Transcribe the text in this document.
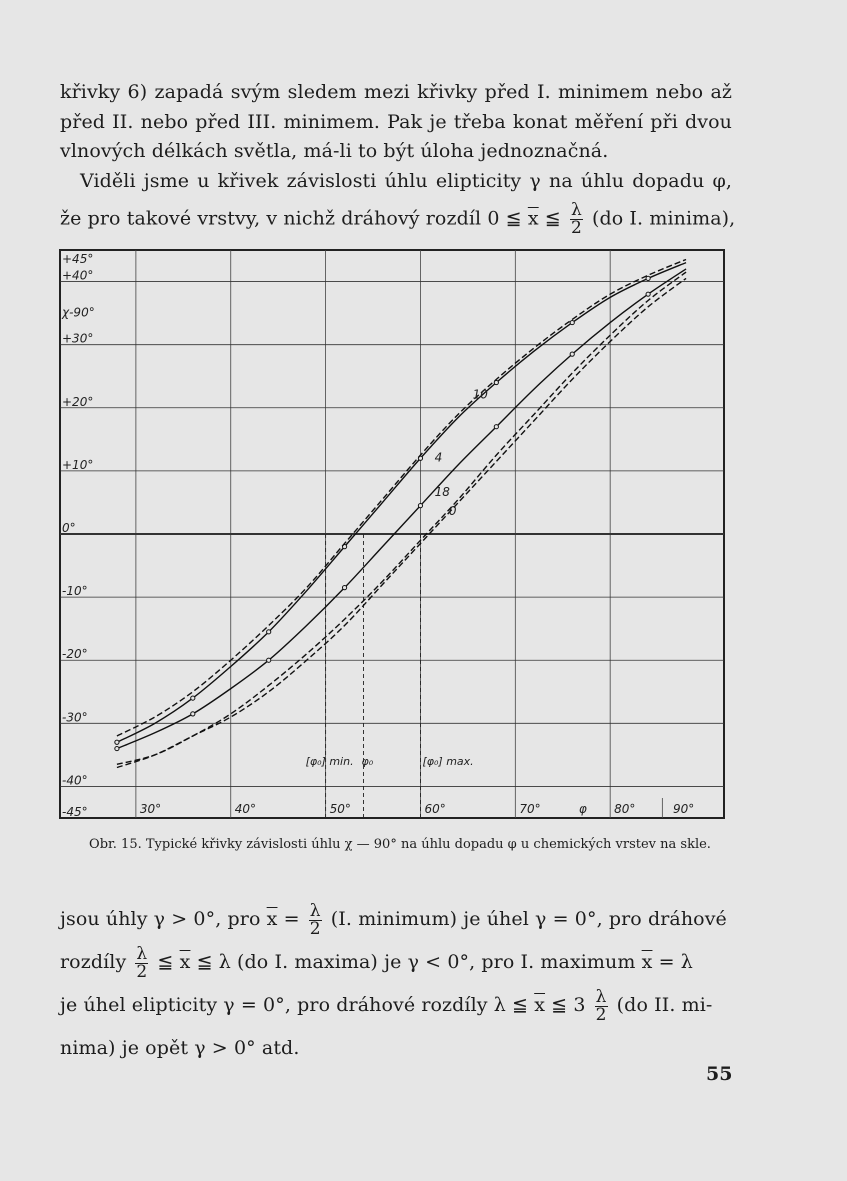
křivky 6) zapadá svým sledem mezi křivky před I. minimem nebo až
před II. nebo před III. minimem. Pak je třeba konat měření při dvou
vlnových délkách světla, má-li to být úloha jednoznačná.
Viděli jsme u křivek závislosti úhlu elipticity γ na úhlu dopadu φ,
že pro takové vrstvy, v nichž dráhový rozdíl 0 ≦ $\overline{x}$ ≦ $\frac{\lambda}{2} (do$ I. minima),
30°	40°	50°	60°	70°	80°	90°
+45°
+40°
+30°
+20°
+10°
0°
-10°
-20°
-30°
-40°
-45°
χ-90°
φ
[φ₀] min. φ₀	[φ₀] max.
10
4
18
0
Obr. 15. Typické křivky závislosti úhlu χ — 90° na úhlu dopadu φ u chemických vrstev na skle.
jsou úhly γ > 0°, pro $\overline{x} = \frac{\lambda}{2} (I$. minimum) je úhel γ = 0°, pro dráhové
rozdíly $\frac{\lambda}{2}$ ≦ $\overline{x}$ ≦ λ (do I. maxima) je γ < 0°, pro I. maximum $\overline{x} = \lambda$
je úhel elipticity γ = 0°, pro dráhové rozdíly λ ≦ $\overline{x}$ ≦ $3 \frac{\lambda}{2} (do$ II. mi-
nima) je opět γ > 0° atd.
55
